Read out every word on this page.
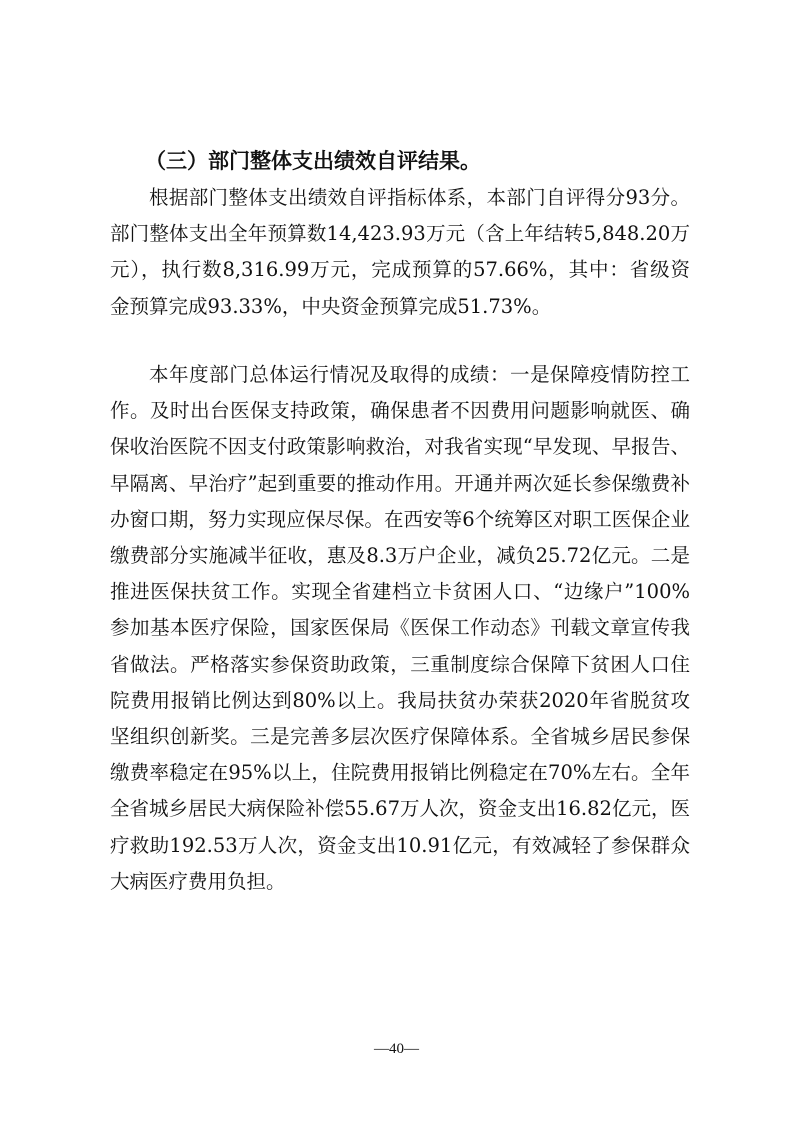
（三）部门整体支出绩效自评结果。

根据部门整体支出绩效自评指标体系，本部门自评得分93分。部门整体支出全年预算数14,423.93万元（含上年结转5,848.20万元），执行数8,316.99万元，完成预算的57.66%，其中：省级资金预算完成93.33%，中央资金预算完成51.73%。

本年度部门总体运行情况及取得的成绩：一是保障疫情防控工作。及时出台医保支持政策，确保患者不因费用问题影响就医、确保收治医院不因支付政策影响救治，对我省实现“早发现、早报告、早隔离、早治疗”起到重要的推动作用。开通并两次延长参保缴费补办窗口期，努力实现应保尽保。在西安等6个统筹区对职工医保企业缴费部分实施减半征收，惠及8.3万户企业，减负25.72亿元。二是推进医保扶贫工作。实现全省建档立卡贫困人口、“边缘户”100%参加基本医疗保险，国家医保局《医保工作动态》刊载文章宣传我省做法。严格落实参保资助政策，三重制度综合保障下贫困人口住院费用报销比例达到80%以上。我局扶贫办荣获2020年省脱贫攻坚组织创新奖。三是完善多层次医疗保障体系。全省城乡居民参保缴费率稳定在95%以上，住院费用报销比例稳定在70%左右。全年全省城乡居民大病保险补偿55.67万人次，资金支出16.82亿元，医疗救助192.53万人次，资金支出10.91亿元，有效减轻了参保群众大病医疗费用负担。

—40—
